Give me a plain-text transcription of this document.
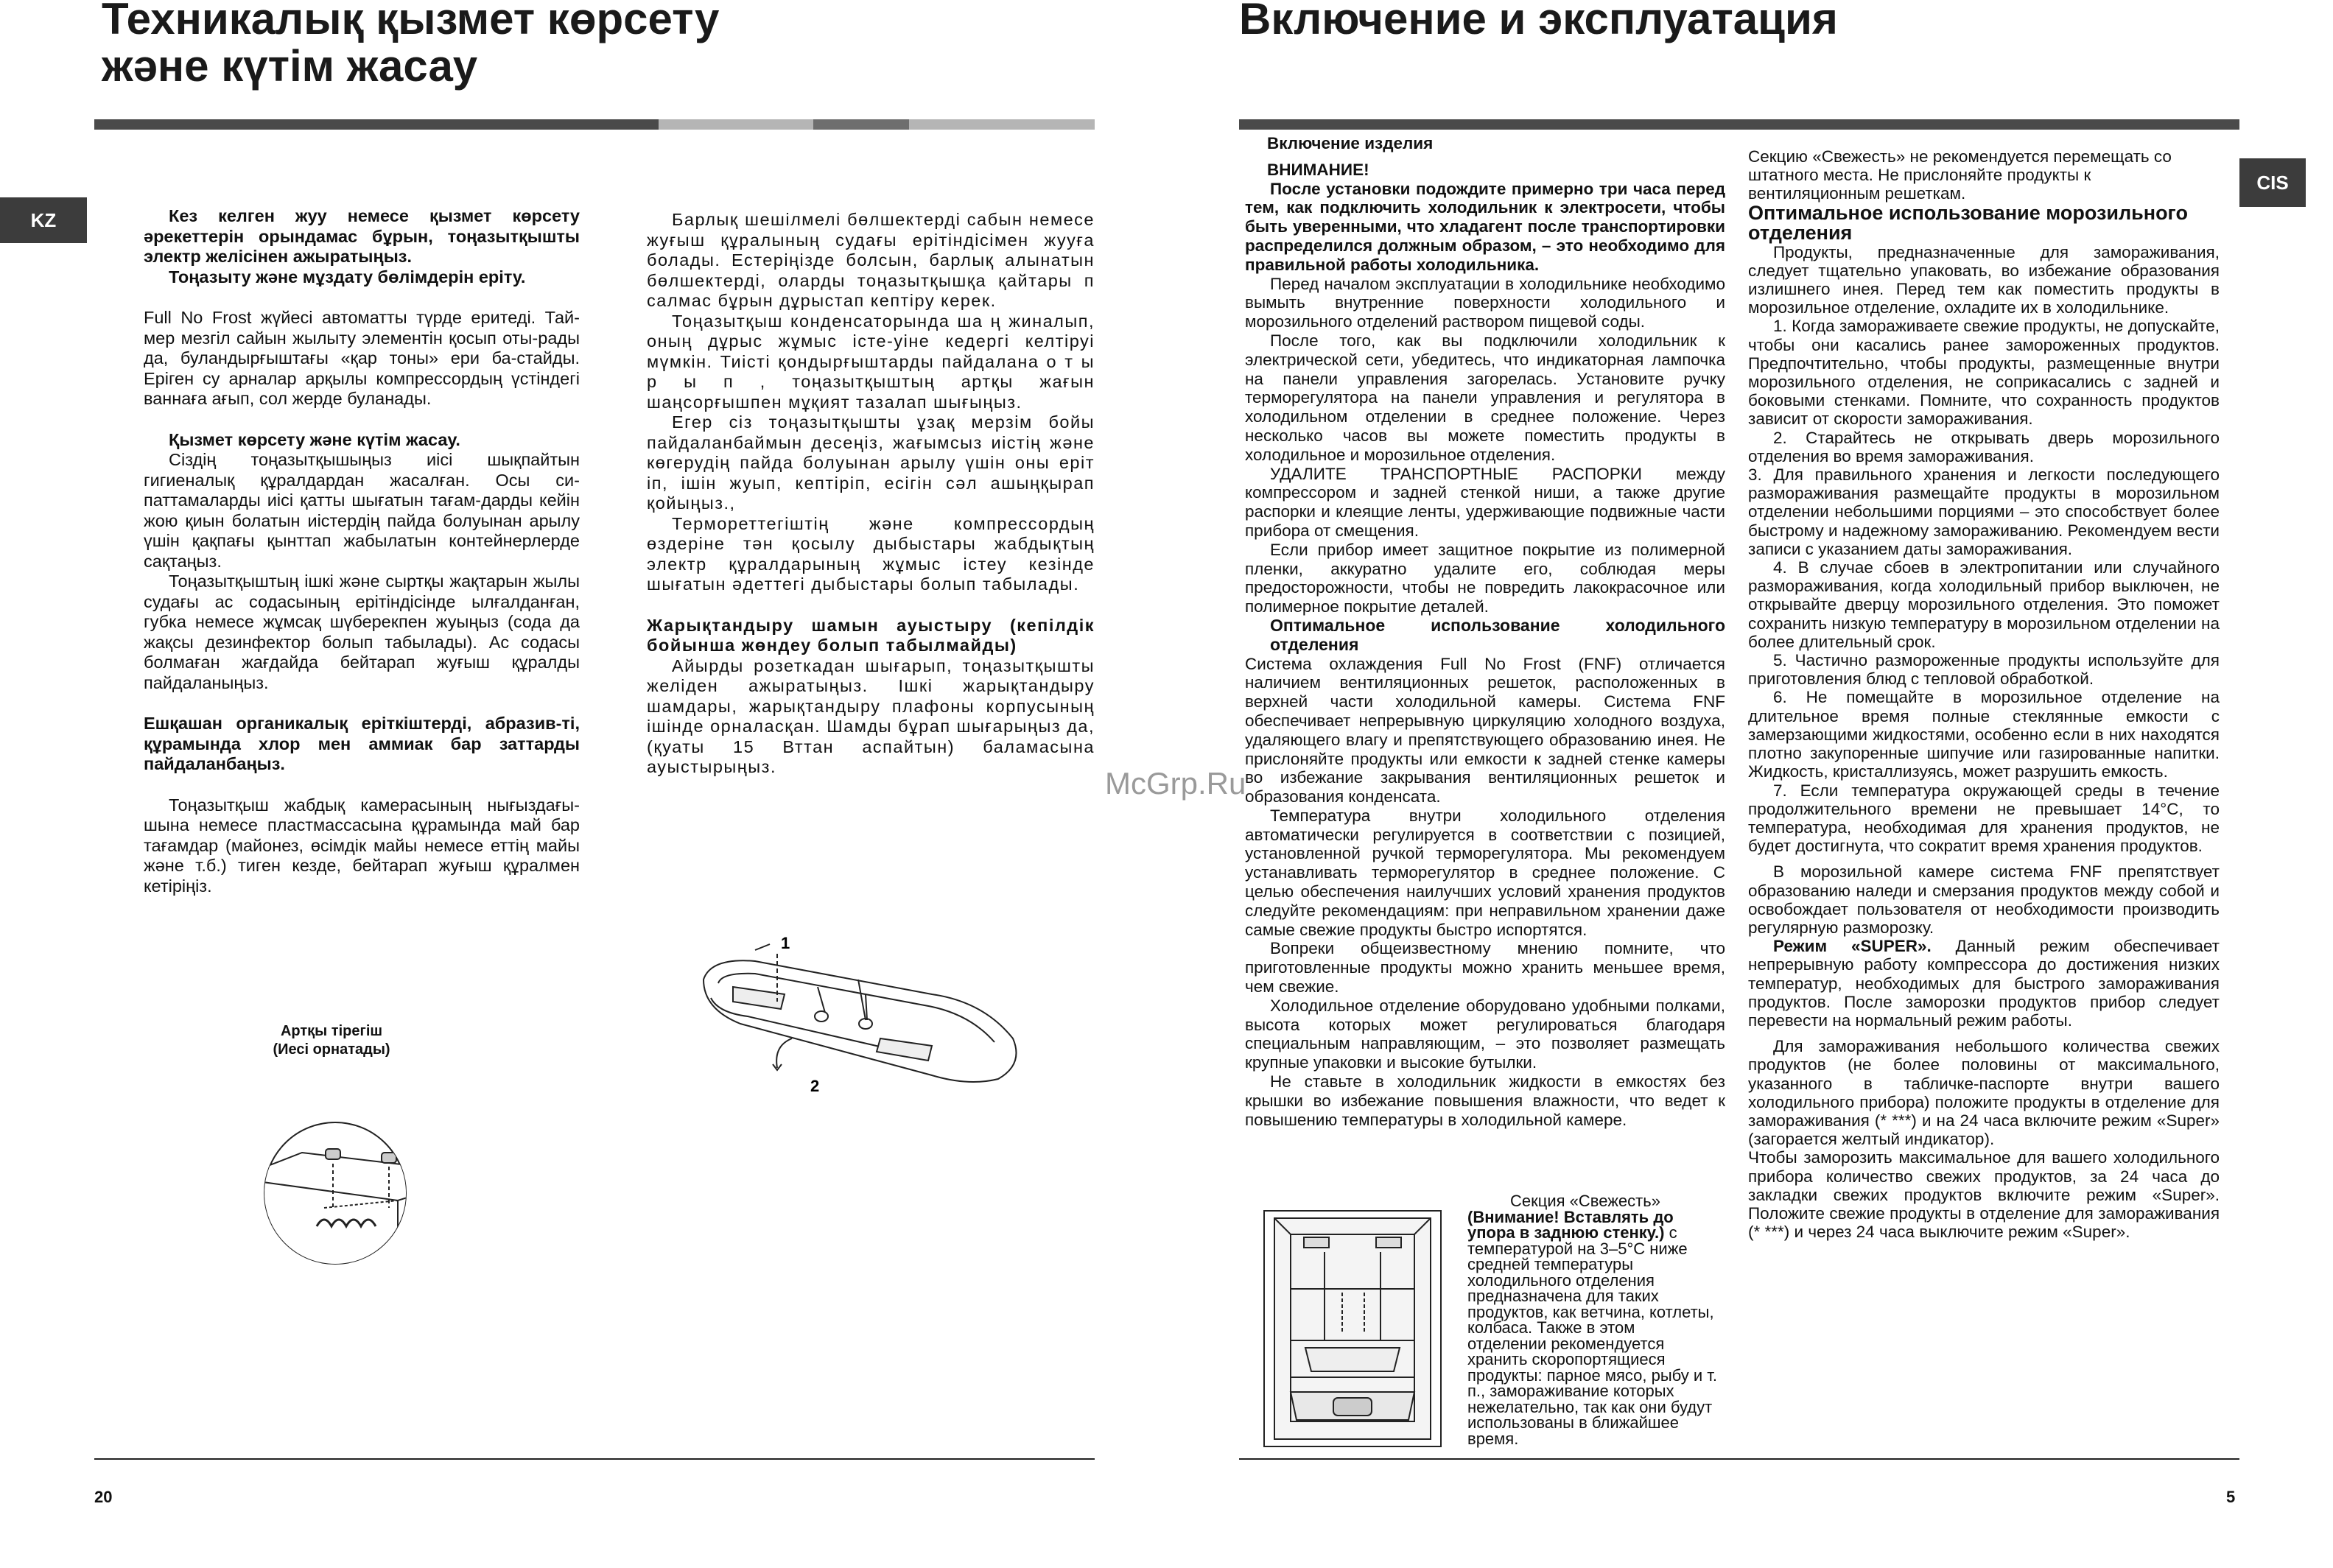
Техникалық қызмет көрсету
және күтім жасау
KZ	Кез келген жуу немесе қызмет көрсету әрекеттерін орындамас бұрын, тоңазытқышты электр желісінен ажыратыңыз.

Тоңазыту және мұздату бөлімдерін еріту.

Full No Frost жүйесі автоматты түрде еритеді. Тай-мер мезгіл сайын жылыту элементін қосып оты-рады да, буландырғыштағы «қар тоны» ери ба-стайды. Еріген су арналар арқылы компрессордың үстіндегі ваннаға ағып, сол жерде буланады.

Қызмет көрсету және күтім жасау.

Сіздің тоңазытқышыңыз иісі шықпайтын гигиеналық құралдардан жасалған. Осы си-паттамаларды иісі қатты шығатын тағам-дарды кейін жою қиын болатын иістердің пайда болуынан арылу үшін қақпағы қынттап жабылатын контейнерлерде сақтаңыз.

Тоңазытқыштың ішкі және сыртқы жақтарын жылы судағы ас содасының ерітіндісінде ылғалданған, губка немесе жұмсақ шүберекпен жуыңыз (сода да жақсы дезинфектор болып табылады). Ас содасы болмаған жағдайда бейтарап жуғыш құралды пайдаланыңыз.

Ешқашан органикалық еріткіштерді, абразив-ті, құрамында хлор мен аммиак бар заттарды пайдаланбаңыз.

Тоңазытқыш жабдық камерасының нығыздағы-шына немесе пластмассасына құрамында май бар тағамдар (майонез, өсімдік майы немесе еттің майы және т.б.) тиген кезде, бейтарап жуғыш құралмен кетіріңіз.

Артқы тірегіш
(Иесі орнатады)

Барлық шешілмелі бөлшектерді сабын немесе жуғыш құралының судағы ерітіндісімен жууға болады. Естеріңізде болсын, барлық алынатын бөлшектерді, оларды тоңазытқышқа қайтары п салмас бұрын дұрыстап кептіру керек.

Тоңазытқыш конденсаторында ша ң жиналып, оның дұрыс жұмыс істе-уіне кедергі келтіруі мүмкін. Тиісті қондырғыштарды пайдалана о т ы р ы п , тоңазытқыштың артқы жағын шаңсорғышпен мұқият тазалап шығыңыз.

Егер сіз тоңазытқышты ұзақ мерзім бойы пайдаланбаймын десеңіз, жағымсыз иістің және көгерудің пайда болуынан арылу үшін оны еріт іп, ішін жуып, кептіріп, есігін сәл ашыңқырап қойыңыз.,

Термореттегіштің және компрессордың өздеріне тән қосылу дыбыстары жабдықтың электр құралдарының жұмыс істеу кезінде шығатын әдеттегі дыбыстары болып табылады.

Жарықтандыру шамын ауыстыру (кепілдік бойынша жөндеу болып табылмайды)

Айырды розеткадан шығарып, тоңазытқышты желіден ажыратыңыз. Ішкі жарықтандыру шамдары, жарықтандыру плафоны корпусының ішінде орналасқан. Шамды бұрап шығарыңыз да, (қуаты 15 Вттан аспайтын) баламасына ауыстырыңыз.

1
2
20
Включение и эксплуатация
CIS
McGrp.Ru

Включение изделия

ВНИМАНИЕ!

После установки подождите примерно три часа перед тем, как подключить холодильник к электросети, чтобы быть уверенными, что хладагент после транспортировки распределился должным образом, – это необходимо для правильной работы холодильника.

Перед началом эксплуатации в холодильнике необходимо вымыть внутренние поверхности холодильного и морозильного отделений раствором пищевой соды.

После того, как вы подключили холодильник к электрической сети, убедитесь, что индикаторная лампочка на панели управления загорелась. Установите ручку терморегулятора на панели управления и регулятора в холодильном отделении в среднее положение. Через несколько часов вы можете поместить продукты в холодильное и морозильное отделения.

УДАЛИТЕ ТРАНСПОРТНЫЕ РАСПОРКИ между компрессором и задней стенкой ниши, а также другие распорки и клеящие ленты, удерживающие подвижные части прибора от смещения.

Если прибор имеет защитное покрытие из полимерной пленки, аккуратно удалите его, соблюдая меры предосторожности, чтобы не повредить лакокрасочное или полимерное покрытие деталей.

Оптимальное использование холодильного отделения

Система охлаждения Full No Frost (FNF) отличается наличием вентиляционных решеток, расположенных в верхней части холодильной камеры. Система FNF обеспечивает непрерывную циркуляцию холодного воздуха, удаляющего влагу и препятствующего образованию инея. Не прислоняйте продукты или емкости к задней стенке камеры во избежание закрывания вентиляционных решеток и образования конденсата.

Температура внутри холодильного отделения автоматически регулируется в соответствии с позицией, установленной ручкой терморегулятора. Мы рекомендуем устанавливать терморегулятор в среднее положение. С целью обеспечения наилучших условий хранения продуктов следуйте рекомендациям: при неправильном хранении даже самые свежие продукты быстро испортятся.

Вопреки общеизвестному мнению помните, что приготовленные продукты можно хранить меньшее время, чем свежие.

Холодильное отделение оборудовано удобными полками, высота которых может регулироваться благодаря специальным направляющим, – это позволяет размещать крупные упаковки и высокие бутылки.

Не ставьте в холодильник жидкости в емкостях без крышки во избежание повышения влажности, что ведет к повышению температуры в холодильной камере.

Секция «Свежесть»

(Внимание! Вставлять до упора в заднюю стенку.) с температурой на 3–5°С ниже средней температуры холодильного отделения предназначена для таких продуктов, как ветчина, котлеты, колбаса. Также в этом отделении рекомендуется хранить скоропортящиеся продукты: парное мясо, рыбу и т. п., замораживание которых нежелательно, так как они будут использованы в ближайшее время.

Секцию «Свежесть» не рекомендуется перемещать со штатного места. Не прислоняйте продукты к вентиляционным решеткам.

Оптимальное использование морозильного отделения

Продукты, предназначенные для замораживания, следует тщательно упаковать, во избежание образования излишнего инея. Перед тем как поместить продукты в морозильное отделение, охладите их в холодильнике.

1. Когда замораживаете свежие продукты, не допускайте, чтобы они касались ранее замороженных продуктов. Предпочтительно, чтобы продукты, размещенные внутри морозильного отделения, не соприкасались с задней и боковыми стенками. Помните, что сохранность продуктов зависит от скорости замораживания.

2. Старайтесь не открывать дверь морозильного отделения во время замораживания.

3. Для правильного хранения и легкости последующего размораживания размещайте продукты в морозильном отделении небольшими порциями – это способствует более быстрому и надежному замораживанию. Рекомендуем вести записи с указанием даты замораживания.

4. В случае сбоев в электропитании или случайного размораживания, когда холодильный прибор выключен, не открывайте дверцу морозильного отделения. Это поможет сохранить низкую температуру в морозильном отделении на более длительный срок.

5. Частично размороженные продукты используйте для приготовления блюд с тепловой обработкой.

6. Не помещайте в морозильное отделение на длительное время полные стеклянные емкости с замерзающими жидкостями, особенно если в них находятся плотно закупоренные шипучие или газированные напитки. Жидкость, кристаллизуясь, может разрушить емкость.

7. Если температура окружающей среды в течение продолжительного времени не превышает 14°С, то температура, необходимая для хранения продуктов, не будет достигнута, что сократит время хранения продуктов.

В морозильной камере система FNF препятствует образованию наледи и смерзания продуктов между собой и освобождает пользователя от необходимости производить регулярную разморозку.

Режим «SUPER». Данный режим обеспечивает непрерывную работу компрессора до достижения низких температур, необходимых для быстрого замораживания продуктов. После заморозки продуктов прибор следует перевести на нормальный режим работы.

Для замораживания небольшого количества свежих продуктов (не более половины от максимального, указанного в табличке-паспорте внутри вашего холодильного прибора) положите продукты в отделение для замораживания (* ***) и на 24 часа включите режим «Super» (загорается желтый индикатор).

Чтобы заморозить максимальное для вашего холодильного прибора количество свежих продуктов, за 24 часа до закладки свежих продуктов включите режим «Super». Положите свежие продукты в отделение для замораживания (* ***) и через 24 часа выключите режим «Super».

5
